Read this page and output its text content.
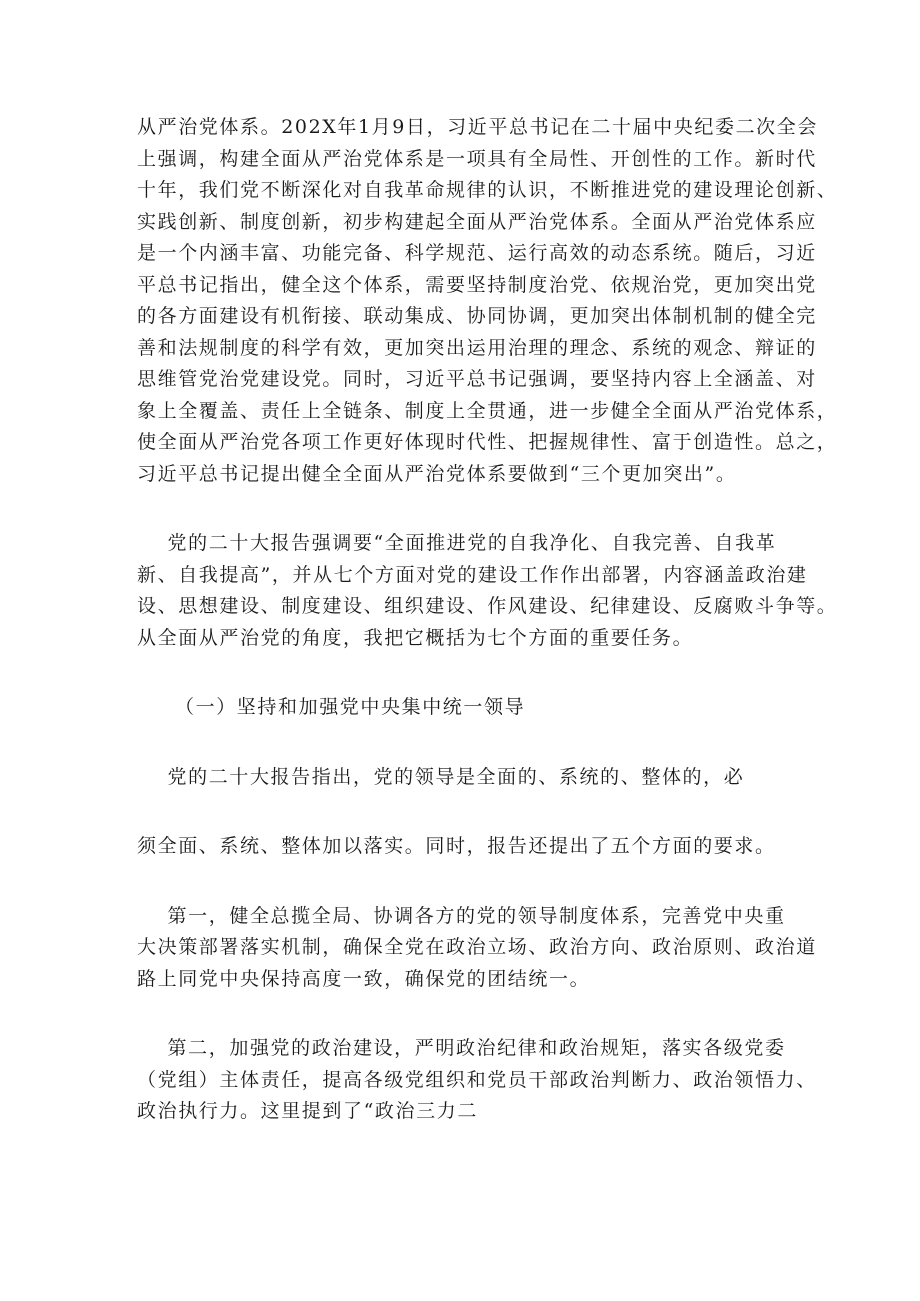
从严治党体系。202X年1月9日，习近平总书记在二十届中央纪委二次全会
上强调，构建全面从严治党体系是一项具有全局性、开创性的工作。新时代
十年，我们党不断深化对自我革命规律的认识，不断推进党的建设理论创新、
实践创新、制度创新，初步构建起全面从严治党体系。全面从严治党体系应
是一个内涵丰富、功能完备、科学规范、运行高效的动态系统。随后，习近
平总书记指出，健全这个体系，需要坚持制度治党、依规治党，更加突出党
的各方面建设有机衔接、联动集成、协同协调，更加突出体制机制的健全完
善和法规制度的科学有效，更加突出运用治理的理念、系统的观念、辩证的
思维管党治党建设党。同时，习近平总书记强调，要坚持内容上全涵盖、对
象上全覆盖、责任上全链条、制度上全贯通，进一步健全全面从严治党体系，
使全面从严治党各项工作更好体现时代性、把握规律性、富于创造性。总之，
习近平总书记提出健全全面从严治党体系要做到“三个更加突出”。

党的二十大报告强调要“全面推进党的自我净化、自我完善、自我革
新、自我提高”，并从七个方面对党的建设工作作出部署，内容涵盖政治建
设、思想建设、制度建设、组织建设、作风建设、纪律建设、反腐败斗争等。
从全面从严治党的角度，我把它概括为七个方面的重要任务。

（一）坚持和加强党中央集中统一领导

党的二十大报告指出，党的领导是全面的、系统的、整体的，必

须全面、系统、整体加以落实。同时，报告还提出了五个方面的要求。

第一，健全总揽全局、协调各方的党的领导制度体系，完善党中央重
大决策部署落实机制，确保全党在政治立场、政治方向、政治原则、政治道
路上同党中央保持高度一致，确保党的团结统一。

第二，加强党的政治建设，严明政治纪律和政治规矩，落实各级党委
（党组）主体责任，提高各级党组织和党员干部政治判断力、政治领悟力、
政治执行力。这里提到了“政治三力二
